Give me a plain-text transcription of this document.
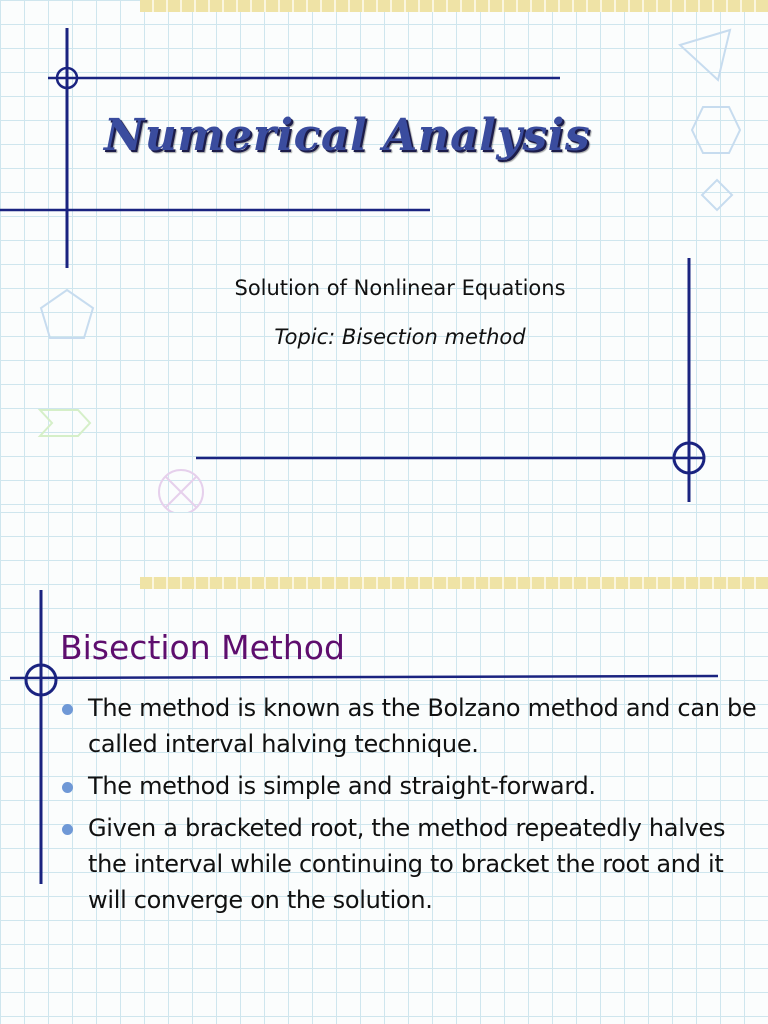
Numerical Analysis

Solution of Nonlinear Equations

Topic: Bisection method

Bisection Method
The method is known as the Bolzano method and can be called interval halving technique.
The method is simple and straight-forward.
Given a bracketed root, the method repeatedly halves the interval while continuing to bracket the root and it will converge on the solution.
